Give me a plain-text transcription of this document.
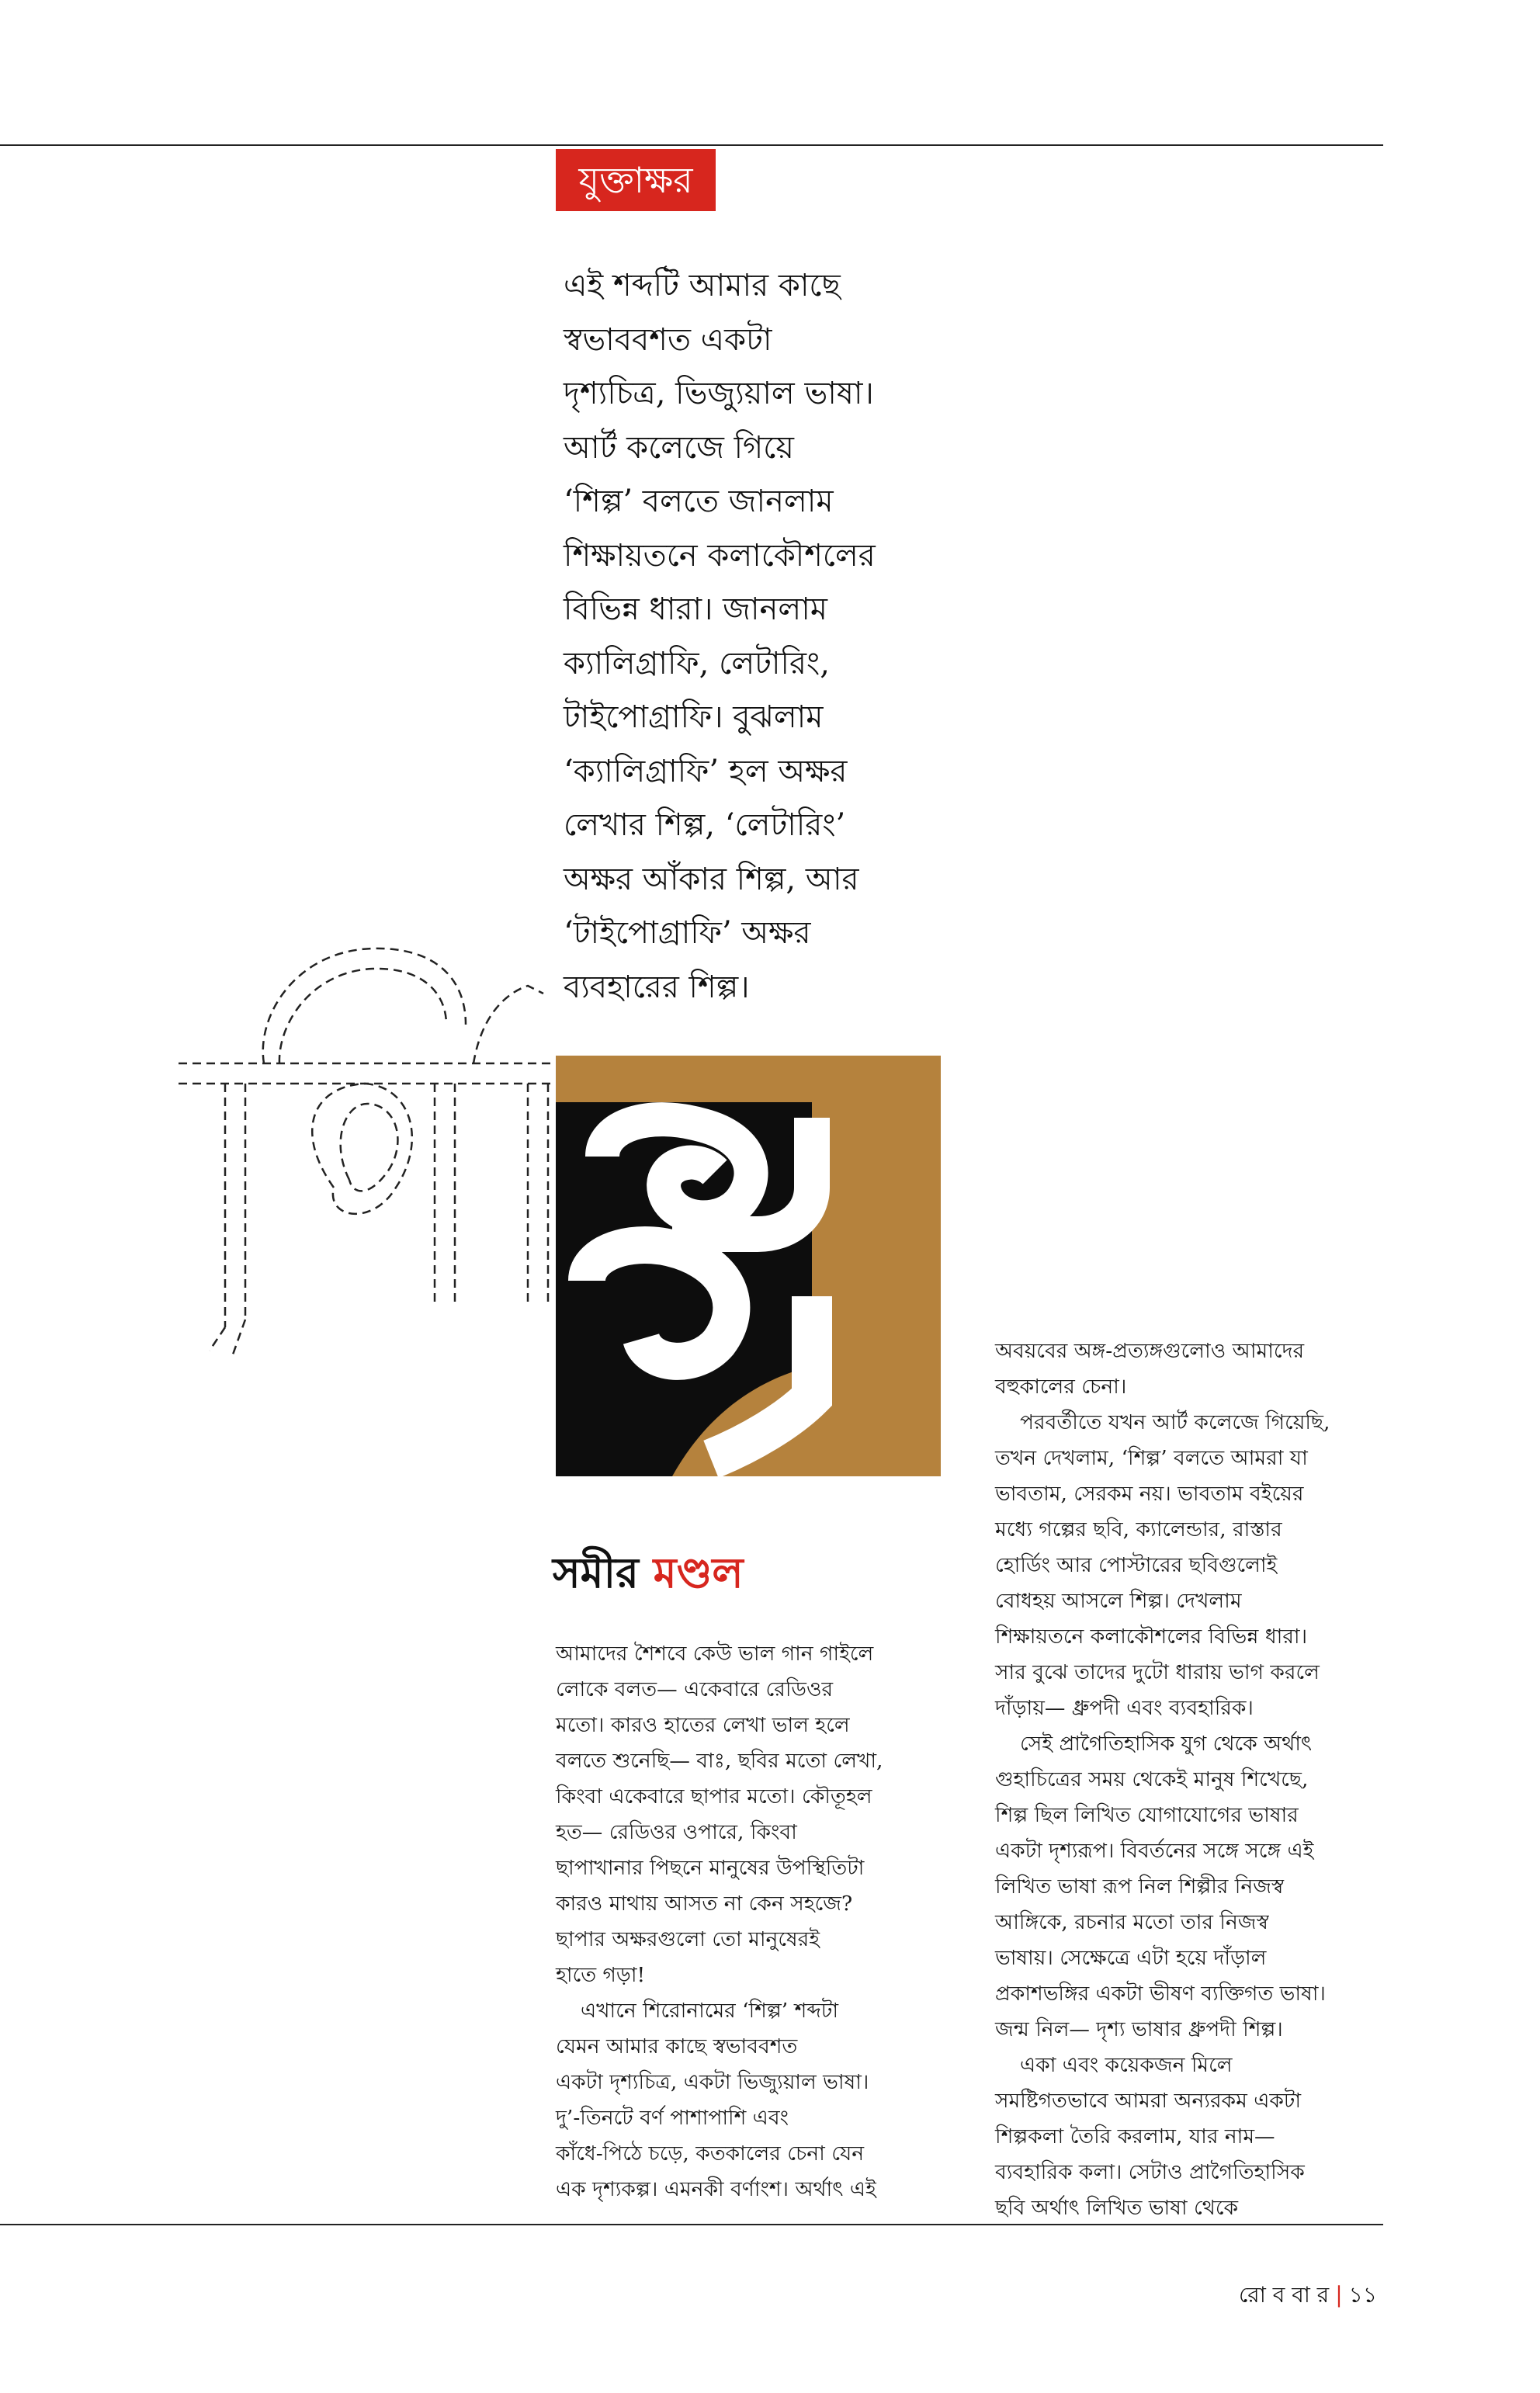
যুক্তাক্ষর

এই শব্দটি আমার কাছে

স্বভাববশত একটা

দৃশ্যচিত্র, ভিজ্যুয়াল ভাষা।

আর্ট কলেজে গিয়ে

‘শিল্প’ বলতে জানলাম

শিক্ষায়তনে কলাকৌশলের

বিভিন্ন ধারা। জানলাম

ক্যালিগ্রাফি, লেটারিং,

টাইপোগ্রাফি। বুঝলাম

‘ক্যালিগ্রাফি’ হল অক্ষর

লেখার শিল্প, ‘লেটারিং’

অক্ষর আঁকার শিল্প, আর

‘টাইপোগ্রাফি’ অক্ষর

ব্যবহারের শিল্প।

সমীর মণ্ডল

আমাদের শৈশবে কেউ ভাল গান গাইলে

লোকে বলত— একেবারে রেডিওর

মতো। কারও হাতের লেখা ভাল হলে

বলতে শুনেছি— বাঃ, ছবির মতো লেখা,

কিংবা একেবারে ছাপার মতো। কৌতূহল

হত— রেডিওর ওপারে, কিংবা

ছাপাখানার পিছনে মানুষের উপস্থিতিটা

কারও মাথায় আসত না কেন সহজে?

ছাপার অক্ষরগুলো তো মানুষেরই

হাতে গড়া!

এখানে শিরোনামের ‘শিল্প’ শব্দটা

যেমন আমার কাছে স্বভাববশত

একটা দৃশ্যচিত্র, একটা ভিজ্যুয়াল ভাষা।

দু’-তিনটে বর্ণ পাশাপাশি এবং

কাঁধে-পিঠে চড়ে, কতকালের চেনা যেন

এক দৃশ্যকল্প। এমনকী বর্ণাংশ। অর্থাৎ এই

অবয়বের অঙ্গ-প্রত্যঙ্গগুলোও আমাদের

বহুকালের চেনা।

পরবর্তীতে যখন আর্ট কলেজে গিয়েছি,

তখন দেখলাম, ‘শিল্প’ বলতে আমরা যা

ভাবতাম, সেরকম নয়। ভাবতাম বইয়ের

মধ্যে গল্পের ছবি, ক্যালেন্ডার, রাস্তার

হোর্ডিং আর পোস্টারের ছবিগুলোই

বোধহয় আসলে শিল্প। দেখলাম

শিক্ষায়তনে কলাকৌশলের বিভিন্ন ধারা।

সার বুঝে তাদের দুটো ধারায় ভাগ করলে

দাঁড়ায়— ধ্রুপদী এবং ব্যবহারিক।

সেই প্রাগৈতিহাসিক যুগ থেকে অর্থাৎ

গুহাচিত্রের সময় থেকেই মানুষ শিখেছে,

শিল্প ছিল লিখিত যোগাযোগের ভাষার

একটা দৃশ্যরূপ। বিবর্তনের সঙ্গে সঙ্গে এই

লিখিত ভাষা রূপ নিল শিল্পীর নিজস্ব

আঙ্গিকে, রচনার মতো তার নিজস্ব

ভাষায়। সেক্ষেত্রে এটা হয়ে দাঁড়াল

প্রকাশভঙ্গির একটা ভীষণ ব্যক্তিগত ভাষা।

জন্ম নিল— দৃশ্য ভাষার ধ্রুপদী শিল্প।

একা এবং কয়েকজন মিলে

সমষ্টিগতভাবে আমরা অন্যরকম একটা

শিল্পকলা তৈরি করলাম, যার নাম—

ব্যবহারিক কলা। সেটাও প্রাগৈতিহাসিক

ছবি অর্থাৎ লিখিত ভাষা থেকে

রো ব বা র | ১১
